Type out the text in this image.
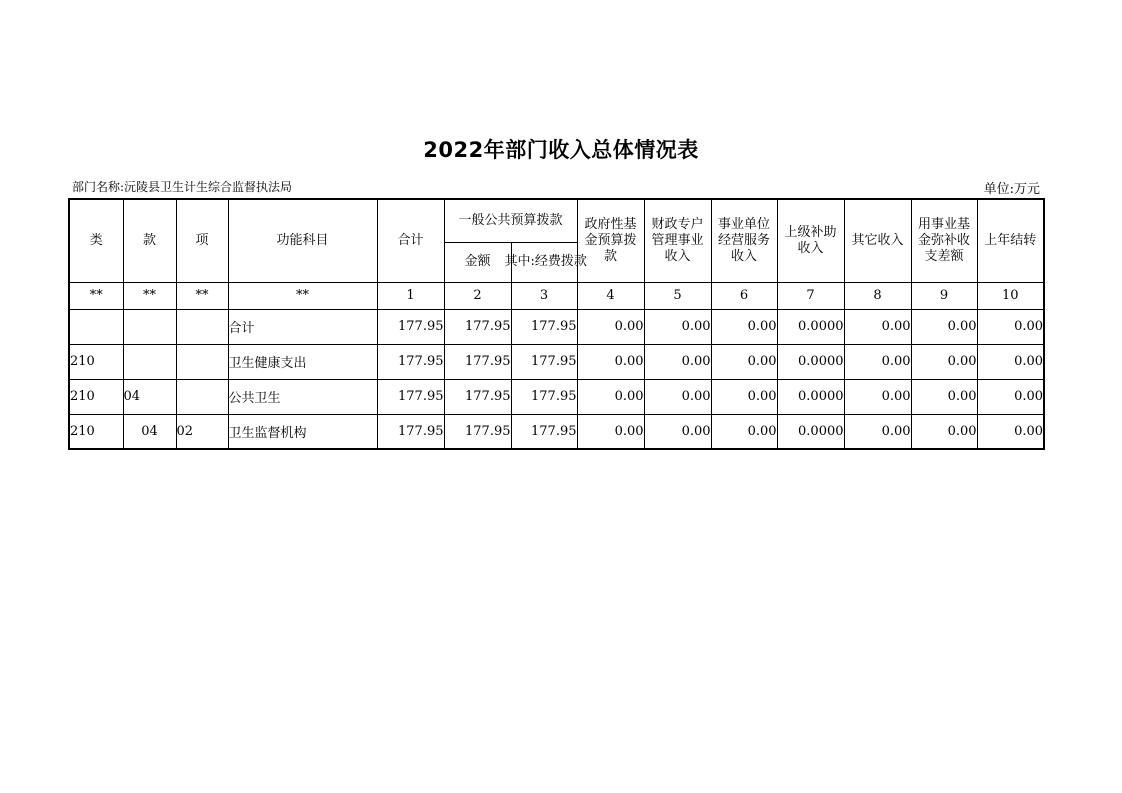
2022年部门收入总体情况表
部门名称:沅陵县卫生计生综合监督执法局	单位:万元
类	款	项	功能科目	合计	一般公共预算拨款		政府性基金预算拨款	财政专户管理事业收入	事业单位经营服务收入	上级补助收入	其它收入	用事业基金弥补收支差额	上年结转
					金额	其中:经费拨款							
**	**	**	**	1	2	3	4	5	6	7	8	9	10
			合计	177.95	177.95	177.95	0.00	0.00	0.00	0.0000	0.00	0.00	0.00
210			卫生健康支出	177.95	177.95	177.95	0.00	0.00	0.00	0.0000	0.00	0.00	0.00
210	04		公共卫生	177.95	177.95	177.95	0.00	0.00	0.00	0.0000	0.00	0.00	0.00
210	04	02	卫生监督机构	177.95	177.95	177.95	0.00	0.00	0.00	0.0000	0.00	0.00	0.00
